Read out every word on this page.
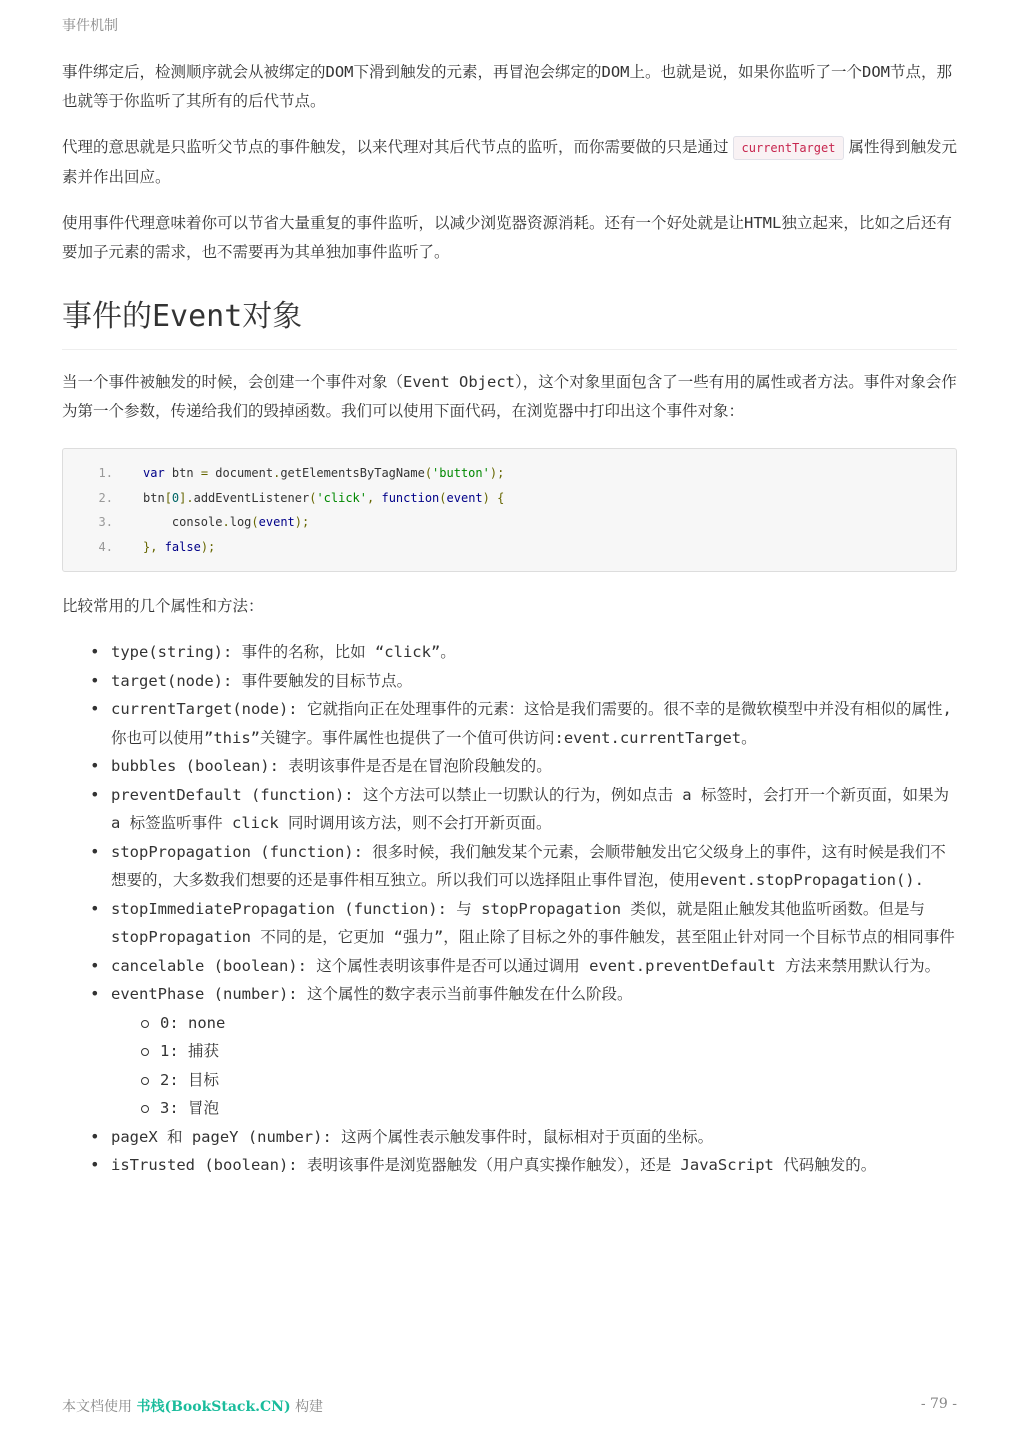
事件机制

事件绑定后，检测顺序就会从被绑定的DOM下滑到触发的元素，再冒泡会绑定的DOM上。也就是说，如果你监听了一个DOM节点，那也就等于你监听了其所有的后代节点。

代理的意思就是只监听父节点的事件触发，以来代理对其后代节点的监听，而你需要做的只是通过 currentTarget 属性得到触发元素并作出回应。

使用事件代理意味着你可以节省大量重复的事件监听，以减少浏览器资源消耗。还有一个好处就是让HTML独立起来，比如之后还有要加子元素的需求，也不需要再为其单独加事件监听了。

事件的Event对象

当一个事件被触发的时候，会创建一个事件对象（Event Object），这个对象里面包含了一些有用的属性或者方法。事件对象会作为第一个参数，传递给我们的毁掉函数。我们可以使用下面代码，在浏览器中打印出这个事件对象：

1.	var btn = document.getElementsByTagName('button');
2.	btn[0].addEventListener('click', function(event) {
3.	console.log(event);
4.	}, false);

比较常用的几个属性和方法：

• type(string): 事件的名称，比如 “click”。
• target(node): 事件要触发的目标节点。
• currentTarget(node): 它就指向正在处理事件的元素：这恰是我们需要的。很不幸的是微软模型中并没有相似的属性, 你也可以使用”this”关键字。事件属性也提供了一个值可供访问:event.currentTarget。
• bubbles (boolean): 表明该事件是否是在冒泡阶段触发的。
• preventDefault (function): 这个方法可以禁止一切默认的行为，例如点击 a 标签时，会打开一个新页面，如果为 a 标签监听事件 click 同时调用该方法，则不会打开新页面。
• stopPropagation (function): 很多时候，我们触发某个元素，会顺带触发出它父级身上的事件，这有时候是我们不想要的，大多数我们想要的还是事件相互独立。所以我们可以选择阻止事件冒泡，使用event.stopPropagation().
• stopImmediatePropagation (function): 与 stopPropagation 类似，就是阻止触发其他监听函数。但是与 stopPropagation 不同的是，它更加 “强力”，阻止除了目标之外的事件触发，甚至阻止针对同一个目标节点的相同事件
• cancelable (boolean): 这个属性表明该事件是否可以通过调用 event.preventDefault 方法来禁用默认行为。
• eventPhase (number): 这个属性的数字表示当前事件触发在什么阶段。
0: none
1: 捕获
2: 目标
3: 冒泡
• pageX 和 pageY (number): 这两个属性表示触发事件时，鼠标相对于页面的坐标。
• isTrusted (boolean): 表明该事件是浏览器触发（用户真实操作触发），还是 JavaScript 代码触发的。
本文档使用 书栈(BookStack.CN) 构建	- 79 -
